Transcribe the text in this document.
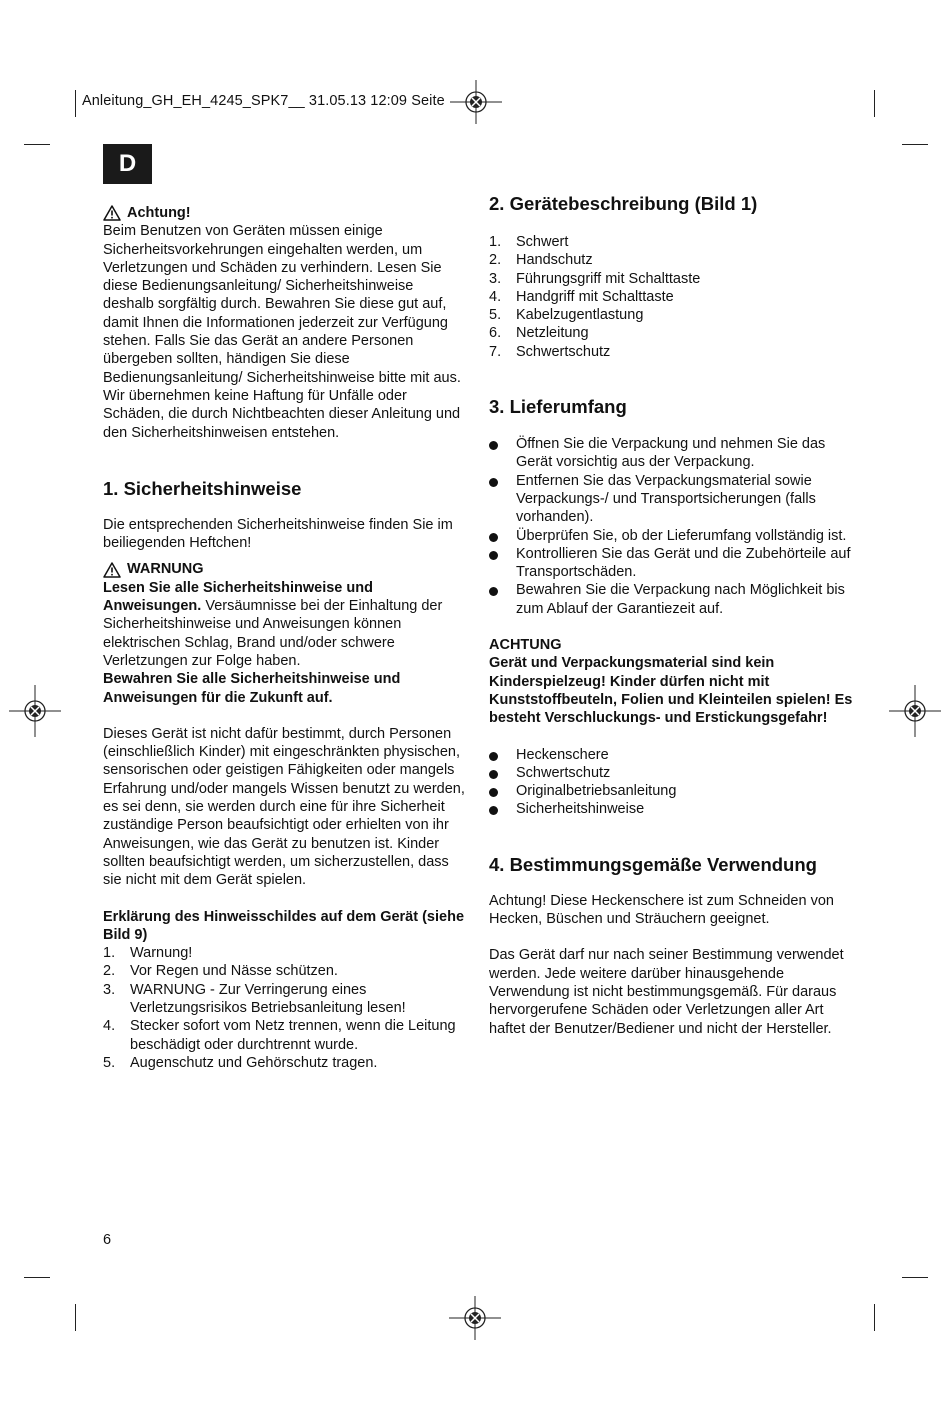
Anleitung_GH_EH_4245_SPK7__ 31.05.13 12:09 Seite
D
Achtung!

Beim Benutzen von Geräten müssen einige Sicherheitsvorkehrungen eingehalten werden, um Verletzungen und Schäden zu verhindern. Lesen Sie diese Bedienungsanleitung/ Sicherheitshinweise deshalb sorgfältig durch. Bewahren Sie diese gut auf, damit Ihnen die Informationen jederzeit zur Verfügung stehen. Falls Sie das Gerät an andere Personen übergeben sollten, händigen Sie diese Bedienungsanleitung/ Sicherheitshinweise bitte mit aus. Wir übernehmen keine Haftung für Unfälle oder Schäden, die durch Nichtbeachten dieser Anleitung und den Sicherheitshinweisen entstehen.

1. Sicherheitshinweise

Die entsprechenden Sicherheitshinweise finden Sie im beiliegenden Heftchen!

WARNUNG

Lesen Sie alle Sicherheitshinweise und Anweisungen. Versäumnisse bei der Einhaltung der Sicherheitshinweise und Anweisungen können elektrischen Schlag, Brand und/oder schwere Verletzungen zur Folge haben.

Bewahren Sie alle Sicherheitshinweise und Anweisungen für die Zukunft auf.

Dieses Gerät ist nicht dafür bestimmt, durch Personen (einschließlich Kinder) mit eingeschränkten physischen, sensorischen oder geistigen Fähigkeiten oder mangels Erfahrung und/oder mangels Wissen benutzt zu werden, es sei denn, sie werden durch eine für ihre Sicherheit zuständige Person beaufsichtigt oder erhielten von ihr Anweisungen, wie das Gerät zu benutzen ist. Kinder sollten beaufsichtigt werden, um sicherzustellen, dass sie nicht mit dem Gerät spielen.

Erklärung des Hinweisschildes auf dem Gerät (siehe Bild 9)

1. Warnung!
2. Vor Regen und Nässe schützen.
3. WARNUNG - Zur Verringerung eines Verletzungsrisikos Betriebsanleitung lesen!
4. Stecker sofort vom Netz trennen, wenn die Leitung beschädigt oder durchtrennt wurde.
5. Augenschutz und Gehörschutz tragen.
2. Gerätebeschreibung (Bild 1)
1. Schwert
2. Handschutz
3. Führungsgriff mit Schalttaste
4. Handgriff mit Schalttaste
5. Kabelzugentlastung
6. Netzleitung
7. Schwertschutz
3. Lieferumfang
Öffnen Sie die Verpackung und nehmen Sie das Gerät vorsichtig aus der Verpackung.
Entfernen Sie das Verpackungsmaterial sowie Verpackungs-/ und Transportsicherungen (falls vorhanden).
Überprüfen Sie, ob der Lieferumfang vollständig ist.
Kontrollieren Sie das Gerät und die Zubehörteile auf Transportschäden.
Bewahren Sie die Verpackung nach Möglichkeit bis zum Ablauf der Garantiezeit auf.

ACHTUNG

Gerät und Verpackungsmaterial sind kein Kinderspielzeug! Kinder dürfen nicht mit Kunststoffbeuteln, Folien und Kleinteilen spielen! Es besteht Verschluckungs- und Erstickungsgefahr!

Heckenschere
Schwertschutz
Originalbetriebsanleitung
Sicherheitshinweise
4. Bestimmungsgemäße Verwendung

Achtung! Diese Heckenschere ist zum Schneiden von Hecken, Büschen und Sträuchern geeignet.

Das Gerät darf nur nach seiner Bestimmung verwendet werden. Jede weitere darüber hinausgehende Verwendung ist nicht bestimmungsgemäß. Für daraus hervorgerufene Schäden oder Verletzungen aller Art haftet der Benutzer/Bediener und nicht der Hersteller.

6
